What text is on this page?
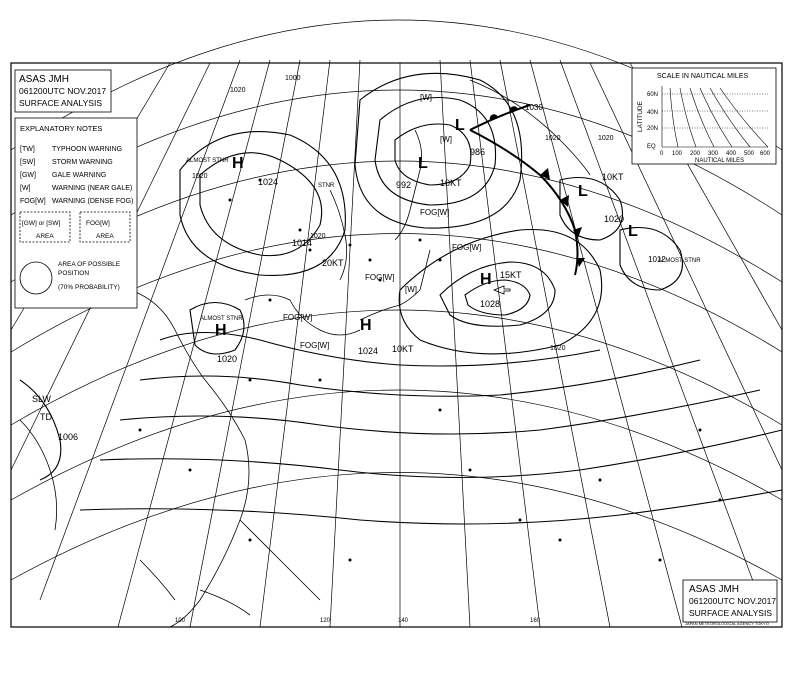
ASAS JMH
061200UTC NOV.2017
SURFACE ANALYSIS
EXPLANATORY NOTES
[TW] TYPHOON WARNING
[SW] STORM WARNING
[GW] GALE WARNING
[W]	WARNING (NEAR GALE)
FOG[W] WARNING (DENSE FOG)
[GW] or [SW]
AREA
FOG[W]
AREA
AREA OF POSSIBLE
POSITION
(70% PROBABILITY)
SCALE IN NAUTICAL MILES
LATITUDE
60N
40N
20N
EQ
0 100 200 300 400 500 600
NAUTICAL MILES
ASAS JMH
061200UTC NOV.2017
SURFACE ANALYSIS
JAPAN METEOROLOGICAL AGENCY TOKYO
H
1028
15KT
H
1024 10KT
H
1020
1014
20KT
H
1024
L
992	10KT
L
986
L
1020
10KT
L
1012
ALMOST STNR
1006
SLW
1000
1020
1030
1020
1020
1020
1020
1020
FOG[W]
FOG[W]
FOG[W]
FOG[W]
FOG[W]
[W]
[W]
[W]
TD
STNR
ALMOST STNR
ALMOST STNR
100	120	140	160
